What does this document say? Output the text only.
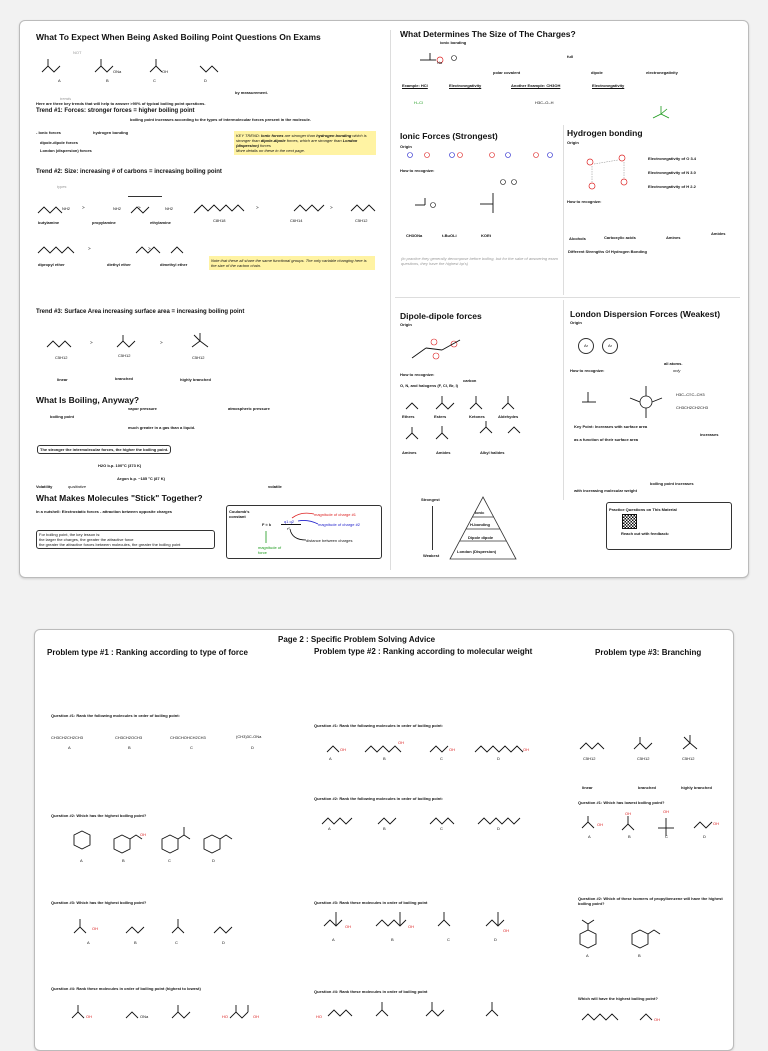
What To Expect When Being Asked Boiling Point Questions On Exams
NOT
ONa	OH
A	B	C	D
by measurement.
trends
Here are three key trends that will help to answer >90% of typical boiling point questions.
Trend #1: Forces: stronger forces = higher boiling point
boiling point increases according to the types of intermolecular forces present in the molecule.
- Ionic forces	hydrogen bonding
dipole-dipole forces
London (dispersion) forces
KEY TREND: Ionic forces are stronger than hydrogen bonding which is stronger than dipole-dipole forces, which are stronger than London (dispersion) forces
More details on these in the next page.
Trend #2: Size: increasing # of carbons = increasing boiling point
types
NH2	NH2	NH2
>	>	>	>
butylamine	propylamine	ethylamine	C8H18	C6H14	C5H12
>	>
dipropyl ether	diethyl ether	dimethyl ether
Note that these all share the same functional groups. The only variable changing here is the size of the carbon chain.
Trend #3: Surface Area increasing surface area = increasing boiling point
>	>
C5H12	C5H12	C5H12
linear	branched	highly branched
What Is Boiling, Anyway?
vapor pressure	atmospheric pressure
boiling point
much greater in a gas than a liquid.
The stronger the intermolecular forces, the higher the boiling point.
H2O b.p. 100°C (373 K)
Argon b.p. ~185 °C (87 K)
Volatility	qualitative	volatile
What Makes Molecules "Stick" Together?
In a nutshell: Electrostatic forces - attraction between opposite charges
For boiling point, the key lesson is:
the larger the charges, the greater the attractive force
the greater the attractive forces between molecules, the greater the boiling point
Coulomb's constant
F ≈ k
q1 q2
r²
magnitude of charge #1
magnitude of charge #2
distance between charges
magnitude of force
What Determines The Size of The Charges?
ionic bonding
Na
full
polar covalent	dipole	electronegativity
Example: HCl	Electronegativity	Another Example: CH3OH	Electronegativity
H–Cl	H3C–O–H
Ionic Forces (Strongest)
Origin
How to recognize:
CH3ONa	t-BuOLi	KOEt
(in practice they generally decompose before boiling, but for the sake of answering exam questions, they have the highest bp's)
Hydrogen bonding
Origin
Electronegativity of O 3.4
Electronegativity of N 3.0
Electronegativity of H 2.2
How to recognize:
Alcohols	Carboxylic acids	Amines
Amides
Different Strengths Of Hydrogen Bonding
Dipole-dipole forces
Origin
carbon
How to recognize:
O, N, and halogens (F, Cl, Br, I)
Ethers	Esters	Ketones	Aldehydes
Amines	Amides	Alkyl halides
London Dispersion Forces (Weakest)
Origin
Ar	Ar
all atoms.
How to recognize:	only
H3C–C≡C–CH3
CH3CH2CH2CH3
Key Point: Increases with surface area
increases
as a function of their surface area
boiling point increases
with increasing molecular weight
Strongest
Weakest
Ionic
H-bonding
Dipole dipole
London (Dispersion)
Practice Questions on This Material
Reach out with feedback:
Page 2 : Specific Problem Solving Advice
Problem type #1 : Ranking according to type of force	Problem type #2 : Ranking according to molecular weight	Problem type #3: Branching
Question #1: Rank the following molecules in order of boiling point:
CH3CH2CH2CH3	CH3CH2OCH3	CH3CHOHCH2CH3	(CH3)3C-ONa
A	B	C	D
Question #2: Which has the highest boiling point?
OH
A	B	C	D
Question #3: Which has the highest boiling point?
OH
A	B	C	D
Question #4: Rank these molecules in order of boiling point (highest to lowest)
OH	ONa	HO	OH
Question #1: Rank the following molecules in order of boiling point:
OH
OH
OH	OH
A	B	C	D
Question #2: Rank the following molecules in order of boiling point:
A	B	C	D
Question #3: Rank these molecules in order of boiling point
OH	OH
OH
A	B	C	D
Question #4: Rank these molecules in order of boiling point
HO
C5H12	C5H12	C5H12
linear	branched	highly branched
Question #1: Which has lowest boiling point?
OH
OH	OH
OH
A	B	C	D
Question #2: Which of these isomers of propylbenzene will have the highest boiling point?
A	B
Which will have the highest boiling point?
OH
